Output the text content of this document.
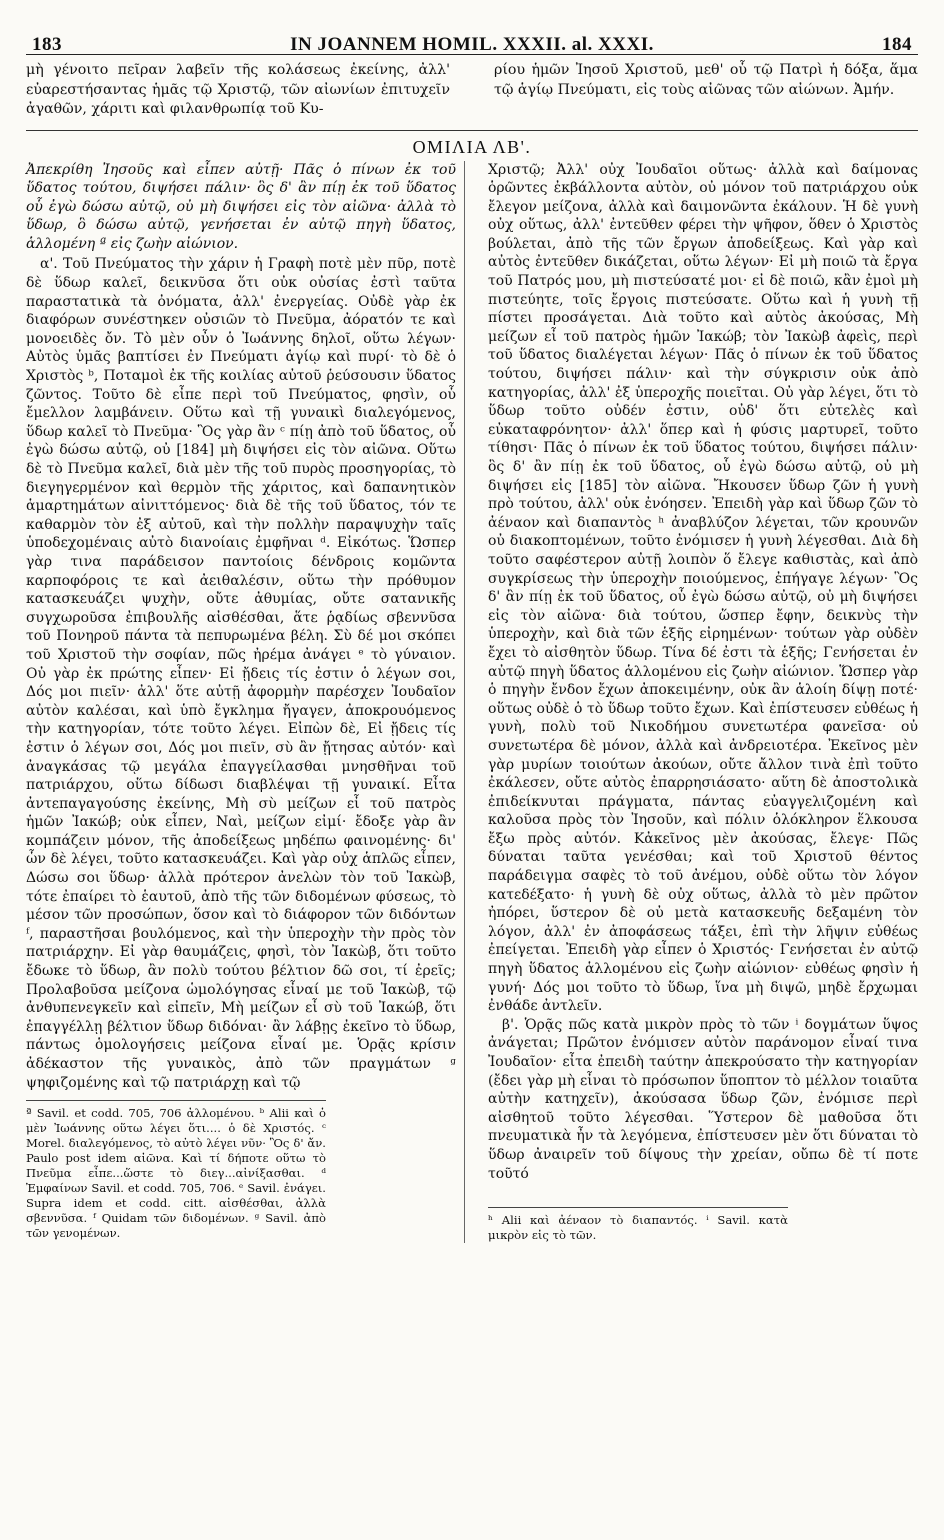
183	IN JOANNEM HOMIL. XXXII. al. XXXI.	184
μὴ γένοιτο πεῖραν λαβεῖν τῆς κολάσεως ἐκείνης, ἀλλ' εὐαρεστήσαντας ἡμᾶς τῷ Χριστῷ, τῶν αἰωνίων ἐπιτυχεῖν ἀγαθῶν, χάριτι καὶ φιλανθρωπίᾳ τοῦ Κυ-
ρίου ἡμῶν Ἰησοῦ Χριστοῦ, μεθ' οὗ τῷ Πατρὶ ἡ δόξα, ἅμα τῷ ἁγίῳ Πνεύματι, εἰς τοὺς αἰῶνας τῶν αἰώνων. Ἀμήν.
ΟΜΙΛΙΑ ΛΒ'.

Ἀπεκρίθη Ἰησοῦς καὶ εἶπεν αὐτῇ· Πᾶς ὁ πίνων ἐκ τοῦ ὕδατος τούτου, διψήσει πάλιν· ὃς δ' ἂν πίῃ ἐκ τοῦ ὕδατος οὗ ἐγὼ δώσω αὐτῷ, οὐ μὴ διψήσει εἰς τὸν αἰῶνα· ἀλλὰ τὸ ὕδωρ, ὃ δώσω αὐτῷ, γενήσεται ἐν αὐτῷ πηγὴ ὕδατος, ἁλλομένη ª εἰς ζωὴν αἰώνιον.

α'. Τοῦ Πνεύματος τὴν χάριν ἡ Γραφὴ ποτὲ μὲν πῦρ, ποτὲ δὲ ὕδωρ καλεῖ, δεικνῦσα ὅτι οὐκ οὐσίας ἐστὶ ταῦτα παραστατικὰ τὰ ὀνόματα, ἀλλ' ἐνεργείας. Οὐδὲ γὰρ ἐκ διαφόρων συνέστηκεν οὐσιῶν τὸ Πνεῦμα, ἀόρατόν τε καὶ μονοειδὲς ὄν. Τὸ μὲν οὖν ὁ Ἰωάννης δηλοῖ, οὕτω λέγων· Αὐτὸς ὑμᾶς βαπτίσει ἐν Πνεύματι ἁγίῳ καὶ πυρί· τὸ δὲ ὁ Χριστὸς ᵇ, Ποταμοὶ ἐκ τῆς κοιλίας αὐτοῦ ῥεύσουσιν ὕδατος ζῶντος. Τοῦτο δὲ εἶπε περὶ τοῦ Πνεύματος, φησὶν, οὗ ἔμελλον λαμβάνειν. Οὕτω καὶ τῇ γυναικὶ διαλεγόμενος, ὕδωρ καλεῖ τὸ Πνεῦμα· Ὃς γὰρ ἂν ᶜ πίῃ ἀπὸ τοῦ ὕδατος, οὗ ἐγὼ δώσω αὐτῷ, οὐ [184] μὴ διψήσει εἰς τὸν αἰῶνα. Οὕτω δὲ τὸ Πνεῦμα καλεῖ, διὰ μὲν τῆς τοῦ πυρὸς προσηγορίας, τὸ διεγηγερμένον καὶ θερμὸν τῆς χάριτος, καὶ δαπανητικὸν ἁμαρτημάτων αἰνιττόμενος· διὰ δὲ τῆς τοῦ ὕδατος, τόν τε καθαρμὸν τὸν ἐξ αὐτοῦ, καὶ τὴν πολλὴν παραψυχὴν ταῖς ὑποδεχομέναις αὐτὸ διανοίαις ἐμφῆναι ᵈ. Εἰκότως. Ὥσπερ γὰρ τινα παράδεισον παντοίοις δένδροις κομῶντα καρποφόροις τε καὶ ἀειθαλέσιν, οὕτω τὴν πρόθυμον κατασκευάζει ψυχὴν, οὔτε ἀθυμίας, οὔτε σατανικῆς συγχωροῦσα ἐπιβουλῆς αἰσθέσθαι, ἅτε ῥᾳδίως σβεννῦσα τοῦ Πονηροῦ πάντα τὰ πεπυρωμένα βέλη. Σὺ δέ μοι σκόπει τοῦ Χριστοῦ τὴν σοφίαν, πῶς ἠρέμα ἀνάγει ᵉ τὸ γύναιον. Οὐ γὰρ ἐκ πρώτης εἶπεν· Εἰ ᾔδεις τίς ἐστιν ὁ λέγων σοι, Δός μοι πιεῖν· ἀλλ' ὅτε αὐτῇ ἀφορμὴν παρέσχεν Ἰουδαῖον αὐτὸν καλέσαι, καὶ ὑπὸ ἔγκλημα ἤγαγεν, ἀποκρουόμενος τὴν κατηγορίαν, τότε τοῦτο λέγει. Εἰπὼν δὲ, Εἰ ᾔδεις τίς ἐστιν ὁ λέγων σοι, Δός μοι πιεῖν, σὺ ἂν ᾔτησας αὐτόν· καὶ ἀναγκάσας τῷ μεγάλα ἐπαγγείλασθαι μνησθῆναι τοῦ πατριάρχου, οὕτω δίδωσι διαβλέψαι τῇ γυναικί. Εἶτα ἀντεπαγαγούσης ἐκείνης, Μὴ σὺ μείζων εἶ τοῦ πατρὸς ἡμῶν Ἰακώβ; οὐκ εἶπεν, Ναὶ, μείζων εἰμί· ἔδοξε γὰρ ἂν κομπάζειν μόνον, τῆς ἀποδείξεως μηδέπω φαινομένης· δι' ὧν δὲ λέγει, τοῦτο κατασκευάζει. Καὶ γὰρ οὐχ ἁπλῶς εἶπεν, Δώσω σοι ὕδωρ· ἀλλὰ πρότερον ἀνελὼν τὸν τοῦ Ἰακὼβ, τότε ἐπαίρει τὸ ἑαυτοῦ, ἀπὸ τῆς τῶν διδομένων φύσεως, τὸ μέσον τῶν προσώπων, ὅσον καὶ τὸ διάφορον τῶν διδόντων ᶠ, παραστῆσαι βουλόμενος, καὶ τὴν ὑπεροχὴν τὴν πρὸς τὸν πατριάρχην. Εἰ γὰρ θαυμάζεις, φησὶ, τὸν Ἰακὼβ, ὅτι τοῦτο ἔδωκε τὸ ὕδωρ, ἂν πολὺ τούτου βέλτιον δῶ σοι, τί ἐρεῖς; Προλαβοῦσα μείζονα ὡμολόγησας εἶναί με τοῦ Ἰακὼβ, τῷ ἀνθυπενεγκεῖν καὶ εἰπεῖν, Μὴ μείζων εἶ σὺ τοῦ Ἰακώβ, ὅτι ἐπαγγέλλῃ βέλτιον ὕδωρ διδόναι· ἂν λάβῃς ἐκεῖνο τὸ ὕδωρ, πάντως ὁμολογήσεις μείζονα εἶναί με. Ὁρᾷς κρίσιν ἀδέκαστον τῆς γυναικὸς, ἀπὸ τῶν πραγμάτων ᵍ ψηφιζομένης καὶ τῷ πατριάρχῃ καὶ τῷ

ª Savil. et codd. 705, 706 ἀλλομένου. ᵇ Alii καὶ ὁ μὲν Ἰωάννης οὕτω λέγει ὅτι.... ὁ δὲ Χριστός. ᶜ Morel. διαλεγόμενος, τὸ αὐτὸ λέγει νῦν· Ὃς δ' ἄν. Paulo post idem αἰῶνα. Καὶ τί δήποτε οὕτω τὸ Πνεῦμα εἶπε...ὥστε τὸ διεγ...αἰνίξασθαι. ᵈ Ἐμφαίνων Savil. et codd. 705, 706. ᵉ Savil. ἐνάγει. Supra idem et codd. citt. αἰσθέσθαι, ἀλλὰ σβεννῦσα. ᶠ Quidam τῶν διδομένων. ᵍ Savil. ἀπὸ τῶν γενομένων.

Χριστῷ; Ἀλλ' οὐχ Ἰουδαῖοι οὕτως· ἀλλὰ καὶ δαίμονας ὁρῶντες ἐκβάλλοντα αὐτὸν, οὐ μόνον τοῦ πατριάρχου οὐκ ἔλεγον μείζονα, ἀλλὰ καὶ δαιμονῶντα ἐκάλουν. Ἡ δὲ γυνὴ οὐχ οὕτως, ἀλλ' ἐντεῦθεν φέρει τὴν ψῆφον, ὅθεν ὁ Χριστὸς βούλεται, ἀπὸ τῆς τῶν ἔργων ἀποδείξεως. Καὶ γὰρ καὶ αὐτὸς ἐντεῦθεν δικάζεται, οὕτω λέγων· Εἰ μὴ ποιῶ τὰ ἔργα τοῦ Πατρός μου, μὴ πιστεύσατέ μοι· εἰ δὲ ποιῶ, κἂν ἐμοὶ μὴ πιστεύητε, τοῖς ἔργοις πιστεύσατε. Οὕτω καὶ ἡ γυνὴ τῇ πίστει προσάγεται. Διὰ τοῦτο καὶ αὐτὸς ἀκούσας, Μὴ μείζων εἶ τοῦ πατρὸς ἡμῶν Ἰακώβ; τὸν Ἰακὼβ ἀφεὶς, περὶ τοῦ ὕδατος διαλέγεται λέγων· Πᾶς ὁ πίνων ἐκ τοῦ ὕδατος τούτου, διψήσει πάλιν· καὶ τὴν σύγκρισιν οὐκ ἀπὸ κατηγορίας, ἀλλ' ἐξ ὑπεροχῆς ποιεῖται. Οὐ γὰρ λέγει, ὅτι τὸ ὕδωρ τοῦτο οὐδέν ἐστιν, οὐδ' ὅτι εὐτελὲς καὶ εὐκαταφρόνητον· ἀλλ' ὅπερ καὶ ἡ φύσις μαρτυρεῖ, τοῦτο τίθησι· Πᾶς ὁ πίνων ἐκ τοῦ ὕδατος τούτου, διψήσει πάλιν· ὃς δ' ἂν πίῃ ἐκ τοῦ ὕδατος, οὗ ἐγὼ δώσω αὐτῷ, οὐ μὴ διψήσει εἰς [185] τὸν αἰῶνα. Ἤκουσεν ὕδωρ ζῶν ἡ γυνὴ πρὸ τούτου, ἀλλ' οὐκ ἐνόησεν. Ἐπειδὴ γὰρ καὶ ὕδωρ ζῶν τὸ ἀέναον καὶ διαπαντὸς ʰ ἀναβλύζον λέγεται, τῶν κρουνῶν οὐ διακοπτομένων, τοῦτο ἐνόμισεν ἡ γυνὴ λέγεσθαι. Διὰ δὴ τοῦτο σαφέστερον αὐτῇ λοιπὸν ὅ ἔλεγε καθιστὰς, καὶ ἀπὸ συγκρίσεως τὴν ὑπεροχὴν ποιούμενος, ἐπήγαγε λέγων· Ὃς δ' ἂν πίῃ ἐκ τοῦ ὕδατος, οὗ ἐγὼ δώσω αὐτῷ, οὐ μὴ διψήσει εἰς τὸν αἰῶνα· διὰ τούτου, ὥσπερ ἔφην, δεικνὺς τὴν ὑπεροχὴν, καὶ διὰ τῶν ἑξῆς εἰρημένων· τούτων γὰρ οὐδὲν ἔχει τὸ αἰσθητὸν ὕδωρ. Τίνα δέ ἐστι τὰ ἑξῆς; Γενήσεται ἐν αὐτῷ πηγὴ ὕδατος ἁλλομένου εἰς ζωὴν αἰώνιον. Ὥσπερ γὰρ ὁ πηγὴν ἔνδον ἔχων ἀποκειμένην, οὐκ ἂν ἁλοίη δίψῃ ποτέ· οὕτως οὐδὲ ὁ τὸ ὕδωρ τοῦτο ἔχων. Καὶ ἐπίστευσεν εὐθέως ἡ γυνὴ, πολὺ τοῦ Νικοδήμου συνετωτέρα φανεῖσα· οὐ συνετωτέρα δὲ μόνον, ἀλλὰ καὶ ἀνδρειοτέρα. Ἐκεῖνος μὲν γὰρ μυρίων τοιούτων ἀκούων, οὔτε ἄλλον τινὰ ἐπὶ τοῦτο ἐκάλεσεν, οὔτε αὐτὸς ἐπαρρησιάσατο· αὕτη δὲ ἀποστολικὰ ἐπιδείκνυται πράγματα, πάντας εὐαγγελιζομένη καὶ καλοῦσα πρὸς τὸν Ἰησοῦν, καὶ πόλιν ὁλόκληρον ἕλκουσα ἔξω πρὸς αὐτόν. Κἀκεῖνος μὲν ἀκούσας, ἔλεγε· Πῶς δύναται ταῦτα γενέσθαι; καὶ τοῦ Χριστοῦ θέντος παράδειγμα σαφὲς τὸ τοῦ ἀνέμου, οὐδὲ οὕτω τὸν λόγον κατεδέξατο· ἡ γυνὴ δὲ οὐχ οὕτως, ἀλλὰ τὸ μὲν πρῶτον ἠπόρει, ὕστερον δὲ οὐ μετὰ κατασκευῆς δεξαμένη τὸν λόγον, ἀλλ' ἐν ἀποφάσεως τάξει, ἐπὶ τὴν λῆψιν εὐθέως ἐπείγεται. Ἐπειδὴ γὰρ εἶπεν ὁ Χριστός· Γενήσεται ἐν αὐτῷ πηγὴ ὕδατος ἁλλομένου εἰς ζωὴν αἰώνιον· εὐθέως φησὶν ἡ γυνή· Δός μοι τοῦτο τὸ ὕδωρ, ἵνα μὴ διψῶ, μηδὲ ἔρχωμαι ἐνθάδε ἀντλεῖν.

β'. Ὁρᾷς πῶς κατὰ μικρὸν πρὸς τὸ τῶν ⁱ δογμάτων ὕψος ἀνάγεται; Πρῶτον ἐνόμισεν αὐτὸν παράνομον εἶναί τινα Ἰουδαῖον· εἶτα ἐπειδὴ ταύτην ἀπεκρούσατο τὴν κατηγορίαν (ἔδει γὰρ μὴ εἶναι τὸ πρόσωπον ὕποπτον τὸ μέλλον τοιαῦτα αὐτὴν κατηχεῖν), ἀκούσασα ὕδωρ ζῶν, ἐνόμισε περὶ αἰσθητοῦ τοῦτο λέγεσθαι. Ὕστερον δὲ μαθοῦσα ὅτι πνευματικὰ ἦν τὰ λεγόμενα, ἐπίστευσεν μὲν ὅτι δύναται τὸ ὕδωρ ἀναιρεῖν τοῦ δίψους τὴν χρείαν, οὔπω δὲ τί ποτε τοῦτό

ʰ Alii καὶ ἀέναον τὸ διαπαντός. ⁱ Savil. κατὰ μικρὸν εἰς τὸ τῶν.
